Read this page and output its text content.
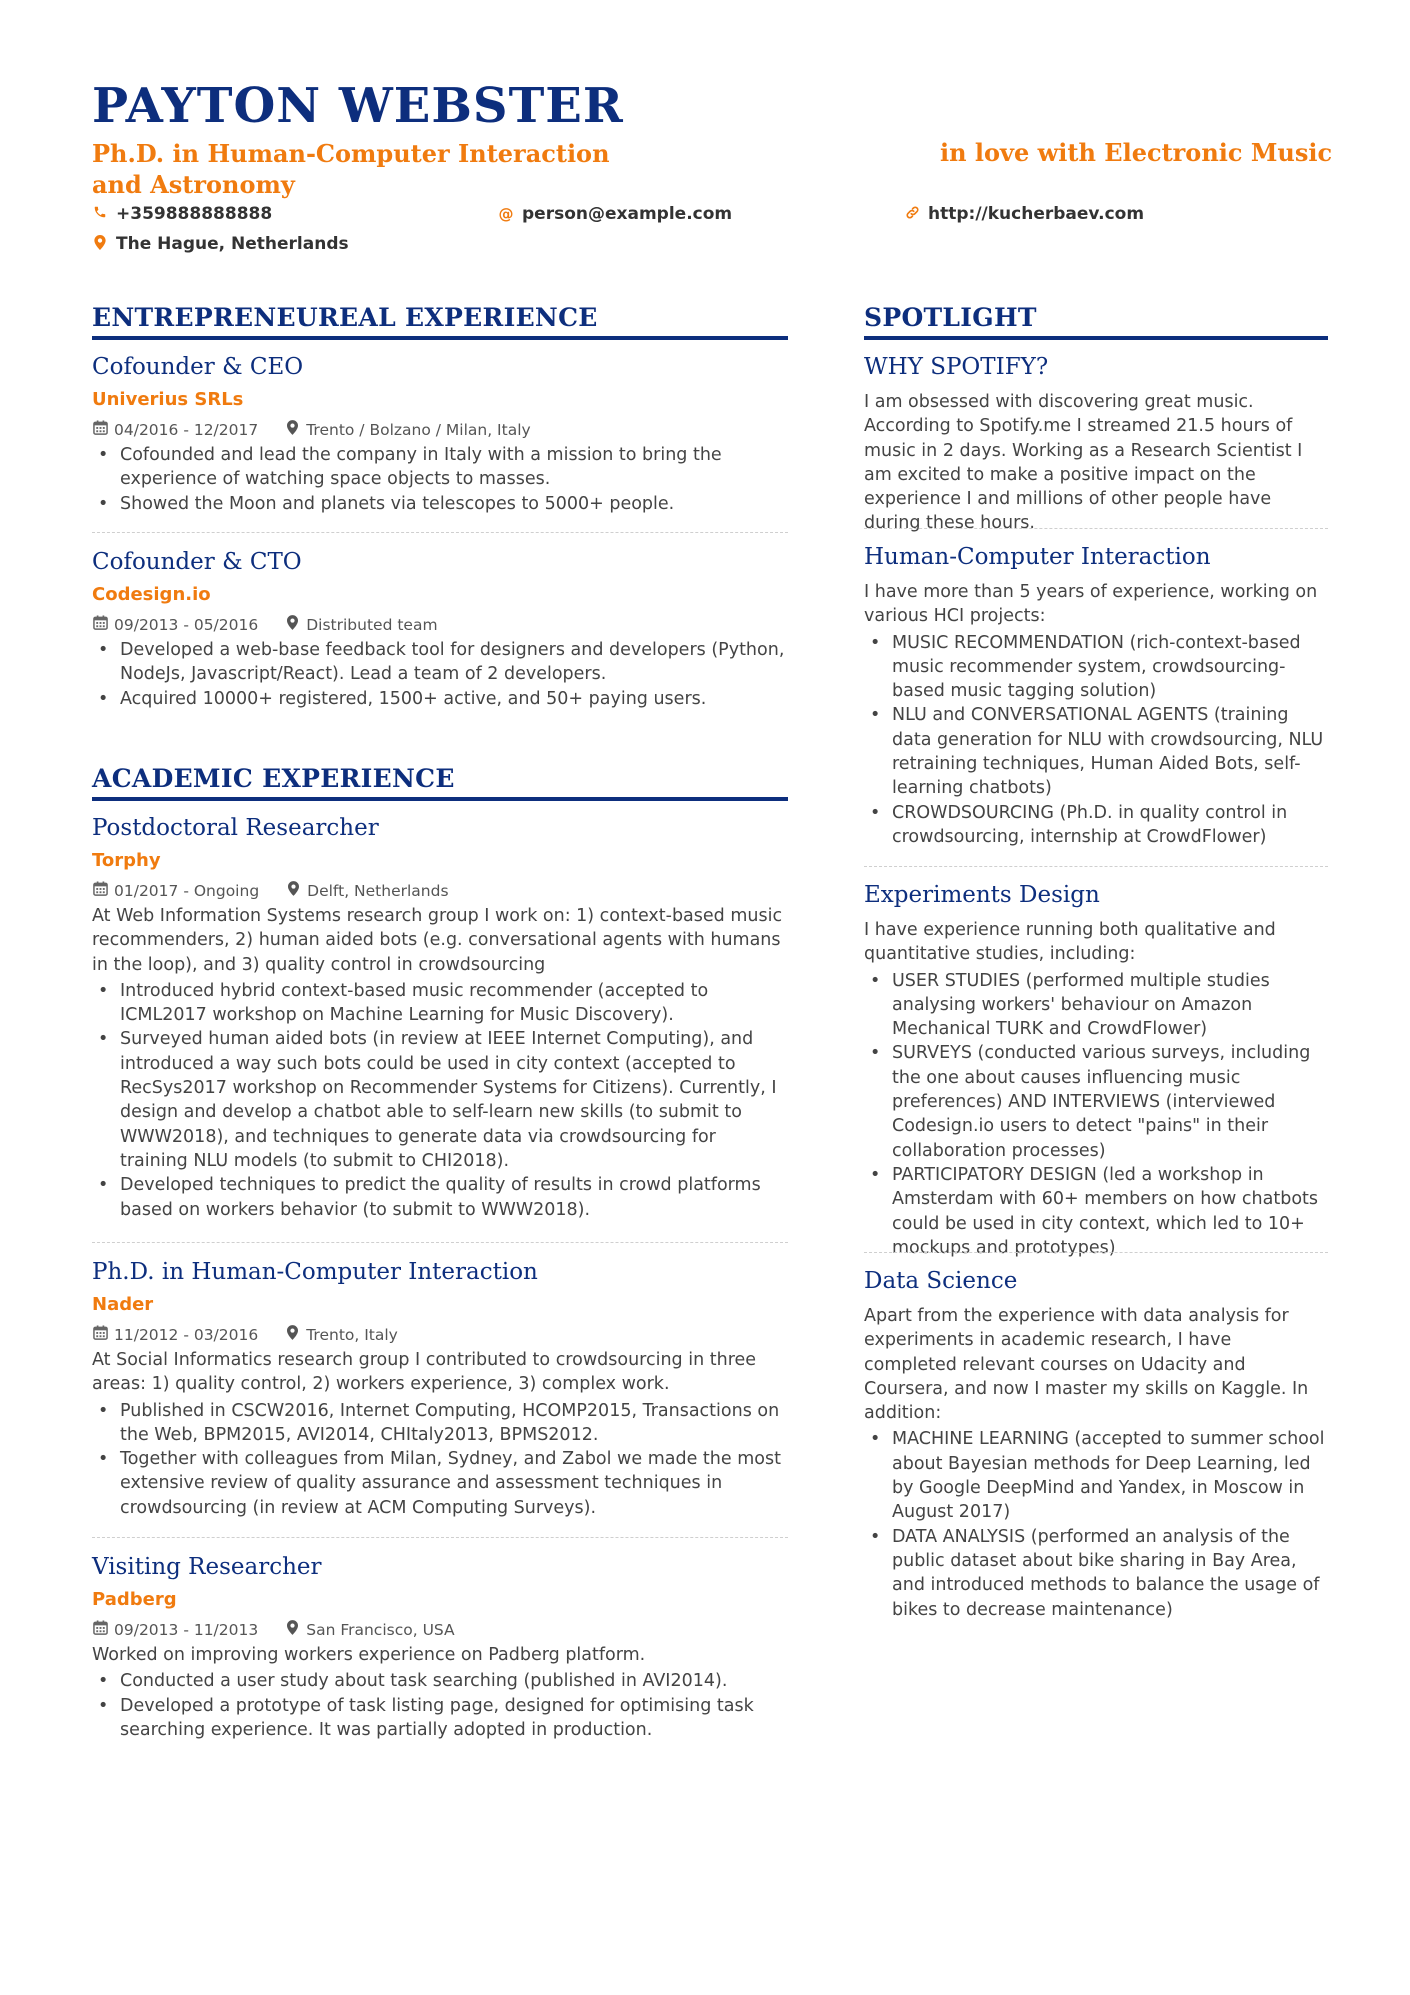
PAYTON WEBSTER
Ph.D. in Human-Computer Interaction and Astronomy
in love with Electronic Music
+359888888888	@ person@example.com	http://kucherbaev.com
The Hague, Netherlands
ENTREPRENEUREAL EXPERIENCE
Cofounder & CEO
Univerius SRLs
04/2016 - 12/2017	Trento / Bolzano / Milan, Italy
• Cofounded and lead the company in Italy with a mission to bring the experience of watching space objects to masses.
• Showed the Moon and planets via telescopes to 5000+ people.
Cofounder & CTO
Codesign.io
09/2013 - 05/2016	Distributed team
• Developed a web-base feedback tool for designers and developers (Python, NodeJs, Javascript/React). Lead a team of 2 developers.
• Acquired 10000+ registered, 1500+ active, and 50+ paying users.
ACADEMIC EXPERIENCE
Postdoctoral Researcher
Torphy
01/2017 - Ongoing	Delft, Netherlands
At Web Information Systems research group I work on: 1) context-based music recommenders, 2) human aided bots (e.g. conversational agents with humans in the loop), and 3) quality control in crowdsourcing
• Introduced hybrid context-based music recommender (accepted to ICML2017 workshop on Machine Learning for Music Discovery).
• Surveyed human aided bots (in review at IEEE Internet Computing), and introduced a way such bots could be used in city context (accepted to RecSys2017 workshop on Recommender Systems for Citizens). Currently, I design and develop a chatbot able to self-learn new skills (to submit to WWW2018), and techniques to generate data via crowdsourcing for training NLU models (to submit to CHI2018).
• Developed techniques to predict the quality of results in crowd platforms based on workers behavior (to submit to WWW2018).
Ph.D. in Human-Computer Interaction
Nader
11/2012 - 03/2016	Trento, Italy
At Social Informatics research group I contributed to crowdsourcing in three areas: 1) quality control, 2) workers experience, 3) complex work.
• Published in CSCW2016, Internet Computing, HCOMP2015, Transactions on the Web, BPM2015, AVI2014, CHItaly2013, BPMS2012.
• Together with colleagues from Milan, Sydney, and Zabol we made the most extensive review of quality assurance and assessment techniques in crowdsourcing (in review at ACM Computing Surveys).
Visiting Researcher
Padberg
09/2013 - 11/2013	San Francisco, USA
Worked on improving workers experience on Padberg platform.
• Conducted a user study about task searching (published in AVI2014).
• Developed a prototype of task listing page, designed for optimising task searching experience. It was partially adopted in production.
SPOTLIGHT
WHY SPOTIFY?
I am obsessed with discovering great music. According to Spotify.me I streamed 21.5 hours of music in 2 days. Working as a Research Scientist I am excited to make a positive impact on the experience I and millions of other people have during these hours.
Human-Computer Interaction
I have more than 5 years of experience, working on various HCI projects:
• MUSIC RECOMMENDATION (rich-context-based music recommender system, crowdsourcing-based music tagging solution)
• NLU and CONVERSATIONAL AGENTS (training data generation for NLU with crowdsourcing, NLU retraining techniques, Human Aided Bots, self-learning chatbots)
• CROWDSOURCING (Ph.D. in quality control in crowdsourcing, internship at CrowdFlower)
Experiments Design
I have experience running both qualitative and quantitative studies, including:
• USER STUDIES (performed multiple studies analysing workers' behaviour on Amazon Mechanical TURK and CrowdFlower)
• SURVEYS (conducted various surveys, including the one about causes influencing music preferences) AND INTERVIEWS (interviewed Codesign.io users to detect "pains" in their collaboration processes)
• PARTICIPATORY DESIGN (led a workshop in Amsterdam with 60+ members on how chatbots could be used in city context, which led to 10+ mockups and prototypes)
Data Science
Apart from the experience with data analysis for experiments in academic research, I have completed relevant courses on Udacity and Coursera, and now I master my skills on Kaggle. In addition:
• MACHINE LEARNING (accepted to summer school about Bayesian methods for Deep Learning, led by Google DeepMind and Yandex, in Moscow in August 2017)
• DATA ANALYSIS (performed an analysis of the public dataset about bike sharing in Bay Area, and introduced methods to balance the usage of bikes to decrease maintenance)
